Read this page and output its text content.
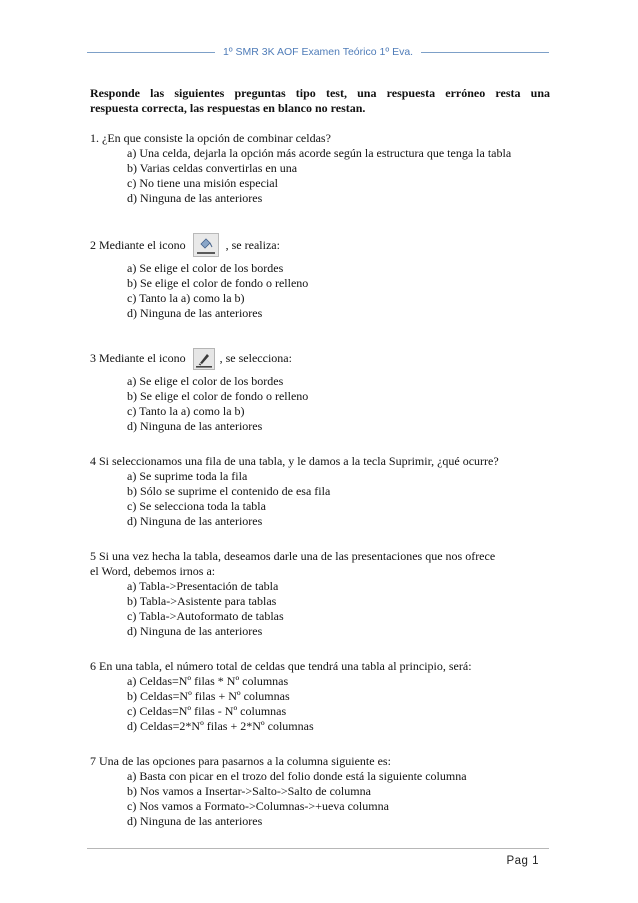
1º SMR 3K AOF Examen Teórico 1º Eva.

Responde las siguientes preguntas tipo test, una respuesta erróneo resta una
respuesta correcta, las respuestas en blanco no restan.

1. ¿En que consiste la opción de combinar celdas?
a) Una celda, dejarla la opción más acorde según la estructura que tenga la tabla
b) Varias celdas convertirlas en una
c) No tiene una misión especial
d) Ninguna de las anteriores
2 Mediante el icono	, se realiza:
a) Se elige el color de los bordes
b) Se elige el color de fondo o relleno
c) Tanto la a) como la b)
d) Ninguna de las anteriores
3 Mediante el icono	, se selecciona:
a) Se elige el color de los bordes
b) Se elige el color de fondo o relleno
c) Tanto la a) como la b)
d) Ninguna de las anteriores
4 Si seleccionamos una fila de una tabla, y le damos a la tecla Suprimir, ¿qué ocurre?
a) Se suprime toda la fila
b) Sólo se suprime el contenido de esa fila
c) Se selecciona toda la tabla
d) Ninguna de las anteriores
5 Si una vez hecha la tabla, deseamos darle una de las presentaciones que nos ofrece el Word, debemos irnos a:
a) Tabla->Presentación de tabla
b) Tabla->Asistente para tablas
c) Tabla->Autoformato de tablas
d) Ninguna de las anteriores
6 En una tabla, el número total de celdas que tendrá una tabla al principio, será:
a) Celdas=Nº filas * Nº columnas
b) Celdas=Nº filas + Nº columnas
c) Celdas=Nº filas - Nº columnas
d) Celdas=2*Nº filas + 2*Nº columnas
7 Una de las opciones para pasarnos a la columna siguiente es:
a) Basta con picar en el trozo del folio donde está la siguiente columna
b) Nos vamos a Insertar->Salto->Salto de columna
c) Nos vamos a Formato->Columnas->+ueva columna
d) Ninguna de las anteriores
Pag 1
